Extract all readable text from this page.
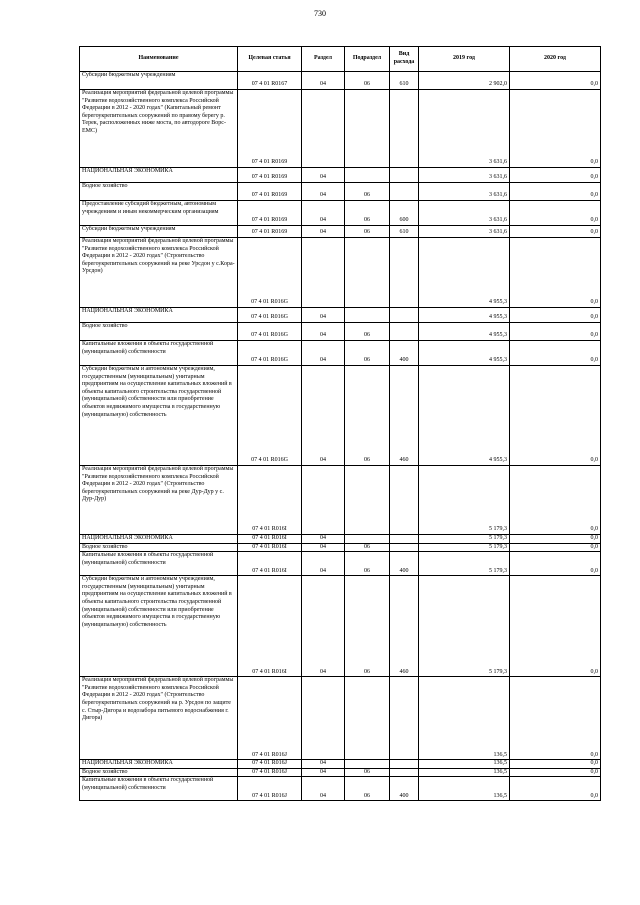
730
Наименование	Целевая статья	Раздел	Подраздел	Вид расхода	2019 год	2020 год
Субсидии бюджетным учреждениям	07 4 01 R0167	04	06	610	2 902,0	0,0
Реализация мероприятий федеральной целевой программы "Развитие водохозяйственного комплекса Российской Федерации в 2012 - 2020 годах" (Капитальный ремонт берегоукрепительных сооружений по правому берегу р. Терек, расположенных ниже моста, по автодороге Ворс-ЕМС)	07 4 01 R0169				3 631,6	0,0
НАЦИОНАЛЬНАЯ ЭКОНОМИКА	07 4 01 R0169	04			3 631,6	0,0
Водное хозяйство	07 4 01 R0169	04	06		3 631,6	0,0
Предоставление субсидий бюджетным, автономным учреждениям и иным некоммерческим организациям	07 4 01 R0169	04	06	600	3 631,6	0,0
Субсидии бюджетным учреждениям	07 4 01 R0169	04	06	610	3 631,6	0,0
Реализация мероприятий федеральной целевой программы "Развитие водохозяйственного комплекса Российской Федерации в 2012 - 2020 годах" (Строительство берегоукрепительных сооружений на реке Урсдон у с.Кора-Урсдон)	07 4 01 R016G				4 955,3	0,0
НАЦИОНАЛЬНАЯ ЭКОНОМИКА	07 4 01 R016G	04			4 955,3	0,0
Водное хозяйство	07 4 01 R016G	04	06		4 955,3	0,0
Капитальные вложения в объекты государственной (муниципальной) собственности	07 4 01 R016G	04	06	400	4 955,3	0,0
Субсидии бюджетным и автономным учреждениям, государственным (муниципальным) унитарным предприятиям на осуществление капитальных вложений в объекты капитального строительства государственной (муниципальной) собственности или приобретение объектов недвижимого имущества в государственную (муниципальную) собственность	07 4 01 R016G	04	06	460	4 955,3	0,0
Реализация мероприятий федеральной целевой программы "Развитие водохозяйственного комплекса Российской Федерации в 2012 - 2020 годах" (Строительство берегоукрепительных сооружений на реке Дур-Дур у с. Дур-Дур)	07 4 01 R016I				5 179,3	0,0
НАЦИОНАЛЬНАЯ ЭКОНОМИКА	07 4 01 R016I	04			5 179,3	0,0
Водное хозяйство	07 4 01 R016I	04	06		5 179,3	0,0
Капитальные вложения в объекты государственной (муниципальной) собственности	07 4 01 R016I	04	06	400	5 179,3	0,0
Субсидии бюджетным и автономным учреждениям, государственным (муниципальным) унитарным предприятиям на осуществление капитальных вложений в объекты капитального строительства государственной (муниципальной) собственности или приобретение объектов недвижимого имущества в государственную (муниципальную) собственность	07 4 01 R016I	04	06	460	5 179,3	0,0
Реализация мероприятий федеральной целевой программы "Развитие водохозяйственного комплекса Российской Федерации в 2012 - 2020 годах" (Строительство берегоукрепительных сооружений на р. Урсдон по защите с. Стыр-Дигора и водозабора питьевого водоснабжения г. Дигора)	07 4 01 R016J				136,5	0,0
НАЦИОНАЛЬНАЯ ЭКОНОМИКА	07 4 01 R016J	04			136,5	0,0
Водное хозяйство	07 4 01 R016J	04	06		136,5	0,0
Капитальные вложения в объекты государственной (муниципальной) собственности	07 4 01 R016J	04	06	400	136,5	0,0
